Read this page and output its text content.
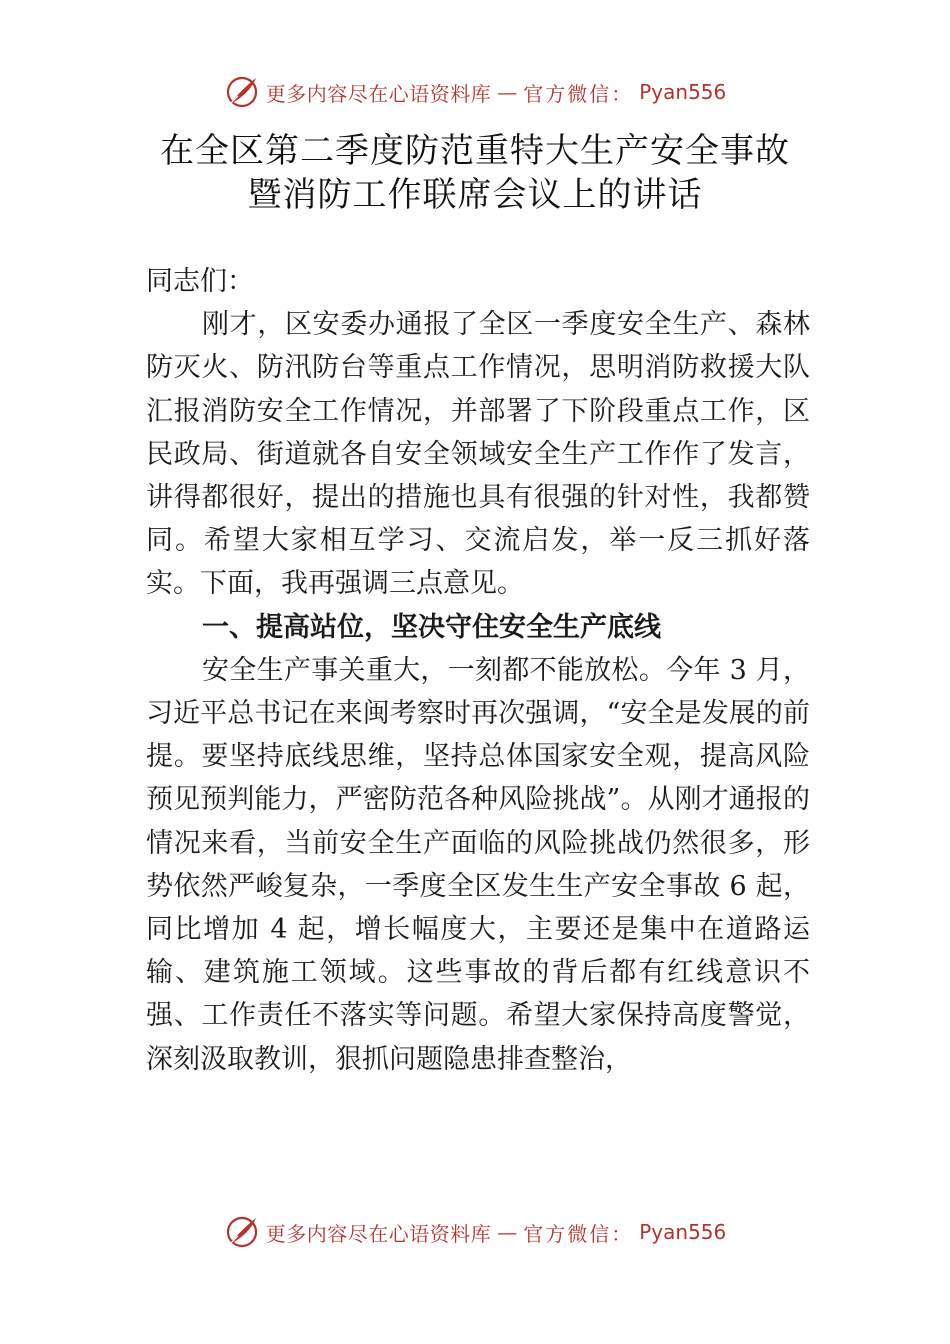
更多内容尽在心语资料库 — 官方微信： Pyan556
在全区第二季度防范重特大生产安全事故
暨消防工作联席会议上的讲话

同志们：

刚才，区安委办通报了全区一季度安全生产、森林防灭火、防汛防台等重点工作情况，思明消防救援大队汇报消防安全工作情况，并部署了下阶段重点工作，区民政局、街道就各自安全领域安全生产工作作了发言，讲得都很好，提出的措施也具有很强的针对性，我都赞同。希望大家相互学习、交流启发，举一反三抓好落实。下面，我再强调三点意见。

一、提高站位，坚决守住安全生产底线

安全生产事关重大，一刻都不能放松。今年 3 月，习近平总书记在来闽考察时再次强调，“安全是发展的前提。要坚持底线思维，坚持总体国家安全观，提高风险预见预判能力，严密防范各种风险挑战”。从刚才通报的情况来看，当前安全生产面临的风险挑战仍然很多，形势依然严峻复杂，一季度全区发生生产安全事故 6 起，同比增加 4 起，增长幅度大，主要还是集中在道路运输、建筑施工领域。这些事故的背后都有红线意识不强、工作责任不落实等问题。希望大家保持高度警觉，深刻汲取教训，狠抓问题隐患排查整治，

更多内容尽在心语资料库 — 官方微信： Pyan556
